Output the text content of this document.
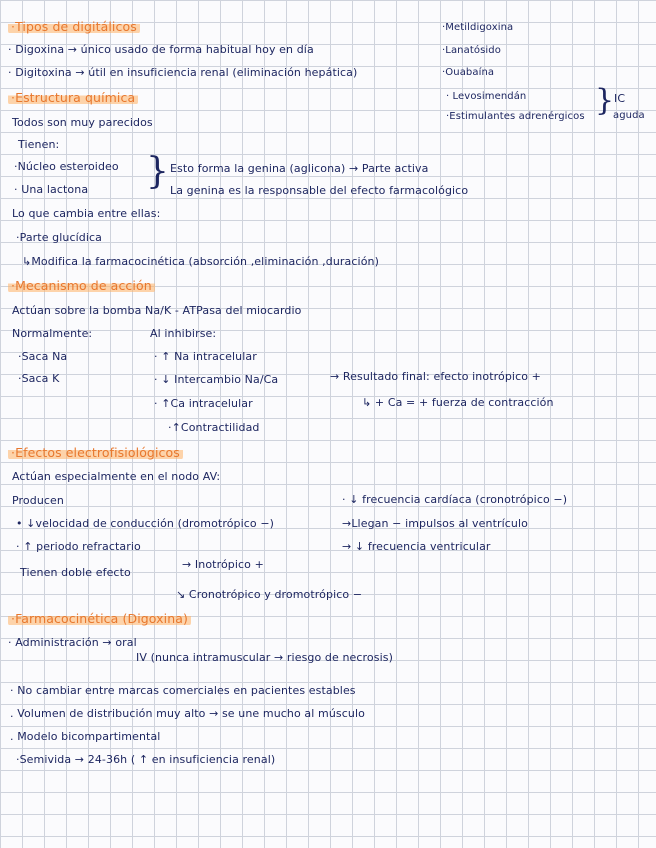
·Tipos de digitálicos
· Digoxina → único usado de forma habitual hoy en día
· Digitoxina → útil en insuficiencia renal (eliminación hepática)
·Metildigoxina
·Lanatósido
·Ouabaína
· Levosimendán
·Estimulantes adrenérgicos } IC
aguda
·Estructura química
Todos son muy parecidos
Tienen:
·Núcleo esteroideo
· Una lactona } Esto forma la genina (aglicona) → Parte activa
La genina es la responsable del efecto farmacológico
Lo que cambia entre ellas:
·Parte glucídica
↳Modifica la farmacocinética (absorción ,eliminación ,duración)
·Mecanismo de acción
Actúan sobre la bomba Na/K - ATPasa del miocardio
Normalmente:
·Saca Na
·Saca K
Al inhibirse:
· ↑ Na intracelular
· ↓ Intercambio Na/Ca
· ↑Ca intracelular
·↑Contractilidad
→ Resultado final: efecto inotrópico +
↳ + Ca = + fuerza de contracción
·Efectos electrofisiológicos
Actúan especialmente en el nodo AV:
Producen
• ↓velocidad de conducción (dromotrópico −)
· ↑ periodo refractario
· ↓ frecuencia cardíaca (cronotrópico −)
→Llegan − impulsos al ventrículo
→ ↓ frecuencia ventricular
Tienen doble efecto
→ Inotrópico +
↘ Cronotrópico y dromotrópico −
·Farmacocinética (Digoxina)
· Administración → oral
IV (nunca intramuscular → riesgo de necrosis)
· No cambiar entre marcas comerciales en pacientes estables
. Volumen de distribución muy alto → se une mucho al músculo
. Modelo bicompartimental
·Semivida → 24-36h ( ↑ en insuficiencia renal)
